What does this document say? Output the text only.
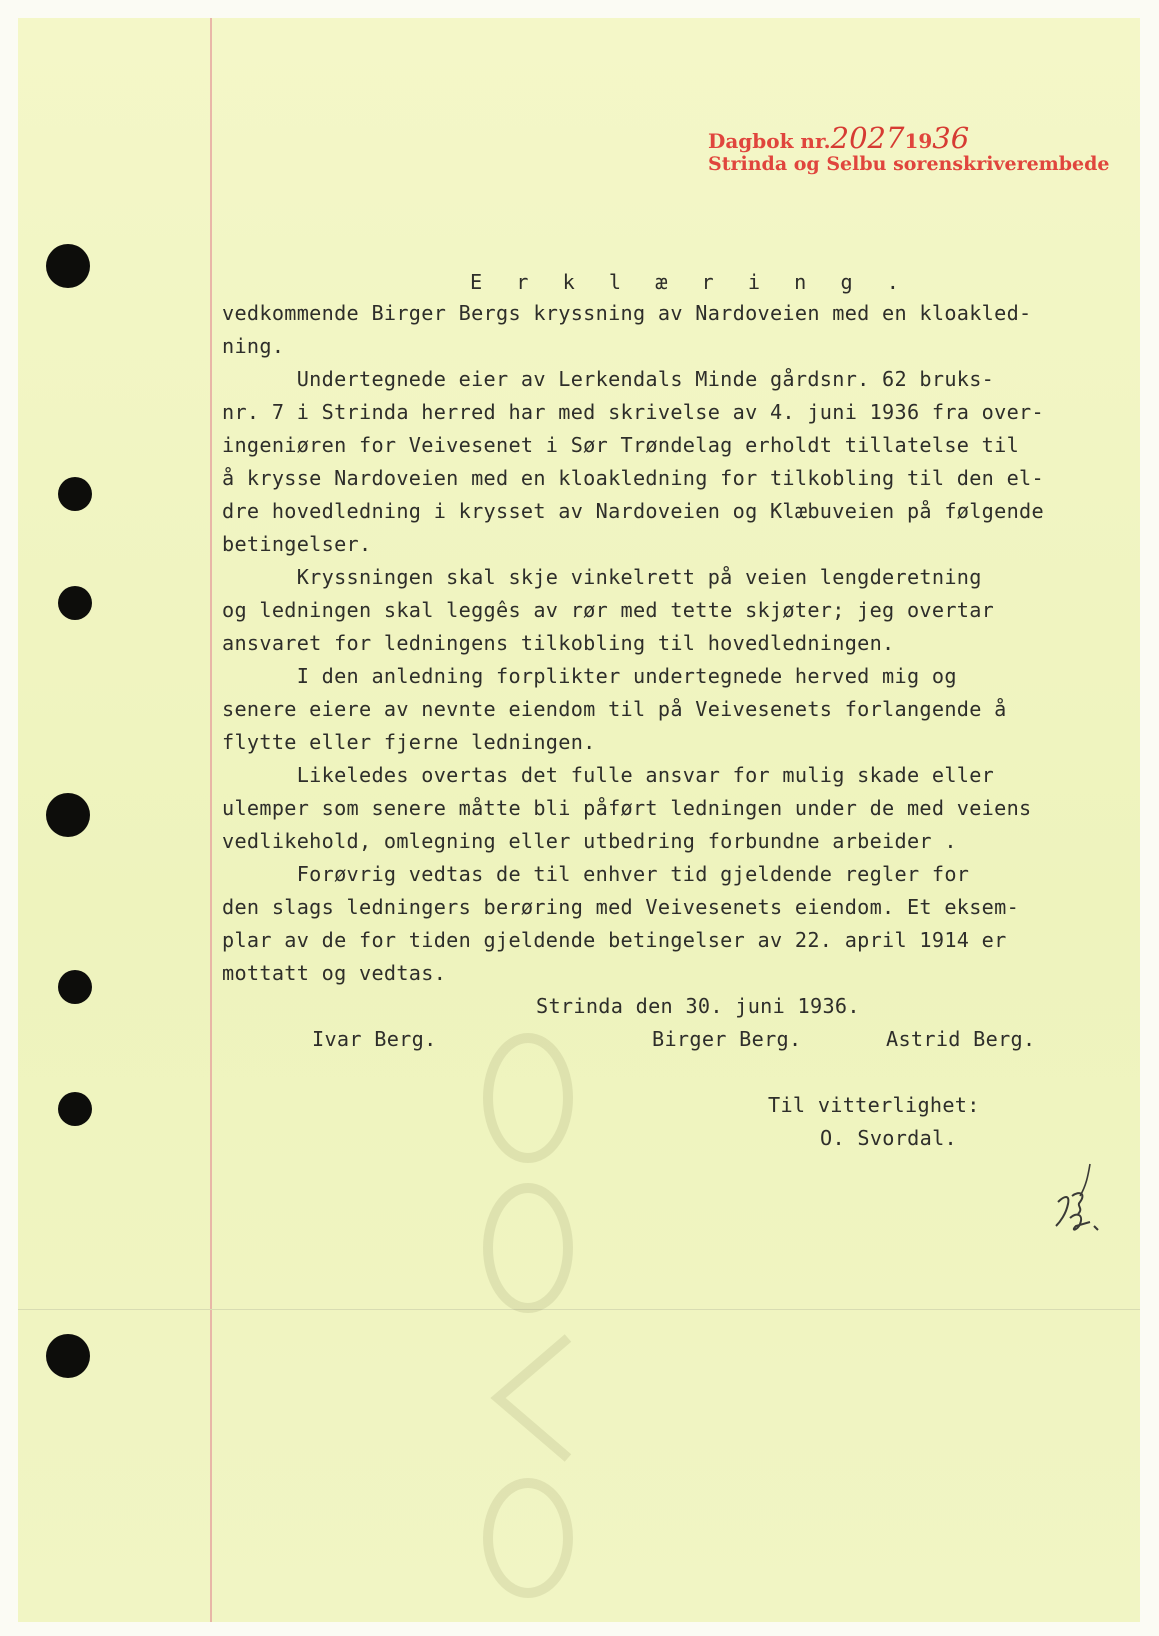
Dagbok nr. 2027 19 36
Strinda og Selbu sorenskriverembede
E r k l æ r i n g .
vedkommende Birger Bergs kryssning av Nardoveien med en kloakled-
ning.
Undertegnede eier av Lerkendals Minde gårdsnr. 62 bruks-
nr. 7 i Strinda herred har med skrivelse av 4. juni 1936 fra over-
ingeniøren for Veivesenet i Sør Trøndelag erholdt tillatelse til
å krysse Nardoveien med en kloakledning for tilkobling til den el-
dre hovedledning i krysset av Nardoveien og Klæbuveien på følgende
betingelser.
Kryssningen skal skje vinkelrett på veien lengderetning
og ledningen skal leggês av rør med tette skjøter; jeg overtar
ansvaret for ledningens tilkobling til hovedledningen.
I den anledning forplikter undertegnede herved mig og
senere eiere av nevnte eiendom til på Veivesenets forlangende å
flytte eller fjerne ledningen.
Likeledes overtas det fulle ansvar for mulig skade eller
ulemper som senere måtte bli påført ledningen under de med veiens
vedlikehold, omlegning eller utbedring forbundne arbeider .
Forøvrig vedtas de til enhver tid gjeldende regler for
den slags ledningers berøring med Veivesenets eiendom. Et eksem-
plar av de for tiden gjeldende betingelser av 22. april 1914 er
mottatt og vedtas.
Strinda den 30. juni 1936.
Ivar Berg.	Birger Berg.	Astrid Berg.
Til vitterlighet:
O. Svordal.
